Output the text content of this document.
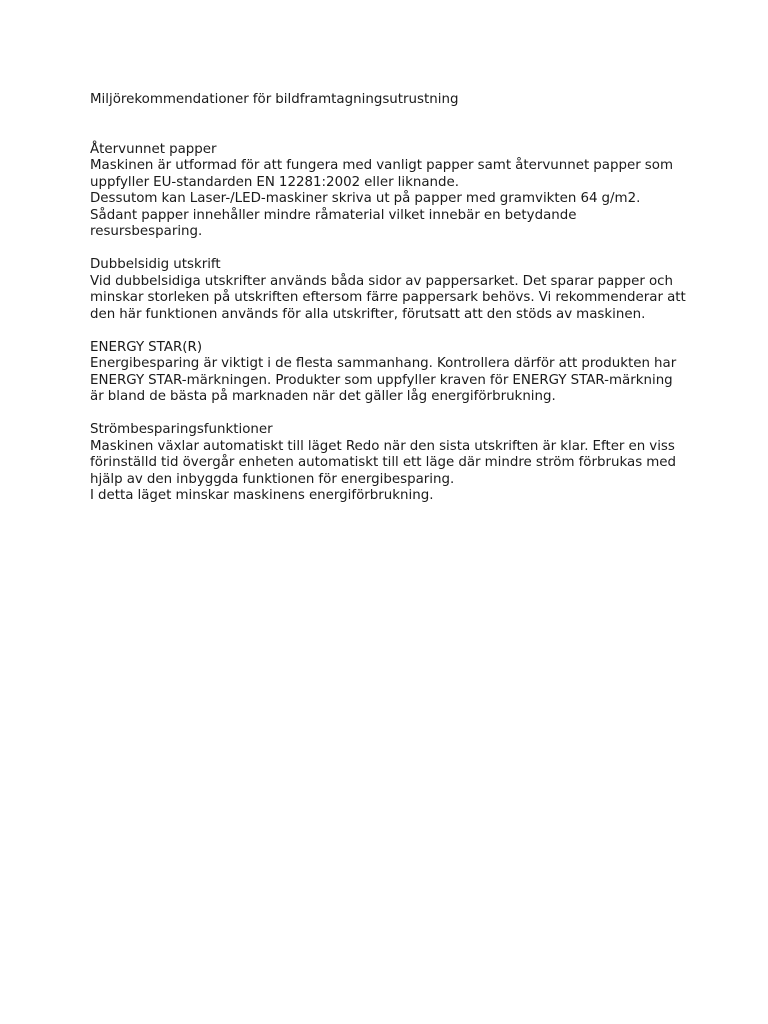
Miljörekommendationer för bildframtagningsutrustning
Återvunnet papper

Maskinen är utformad för att fungera med vanligt papper samt återvunnet papper som uppfyller EU-standarden EN 12281:2002 eller liknande.

Dessutom kan Laser-/LED-maskiner skriva ut på papper med gramvikten 64 g/m2. Sådant papper innehåller mindre råmaterial vilket innebär en betydande resursbesparing.

Dubbelsidig utskrift

Vid dubbelsidiga utskrifter används båda sidor av pappersarket. Det sparar papper och minskar storleken på utskriften eftersom färre pappersark behövs. Vi rekommenderar att den här funktionen används för alla utskrifter, förutsatt att den stöds av maskinen.

ENERGY STAR(R)

Energibesparing är viktigt i de flesta sammanhang. Kontrollera därför att produkten har ENERGY STAR-märkningen. Produkter som uppfyller kraven för ENERGY STAR-märkning är bland de bästa på marknaden när det gäller låg energiförbrukning.

Strömbesparingsfunktioner

Maskinen växlar automatiskt till läget Redo när den sista utskriften är klar. Efter en viss förinställd tid övergår enheten automatiskt till ett läge där mindre ström förbrukas med hjälp av den inbyggda funktionen för energibesparing.

I detta läget minskar maskinens energiförbrukning.
